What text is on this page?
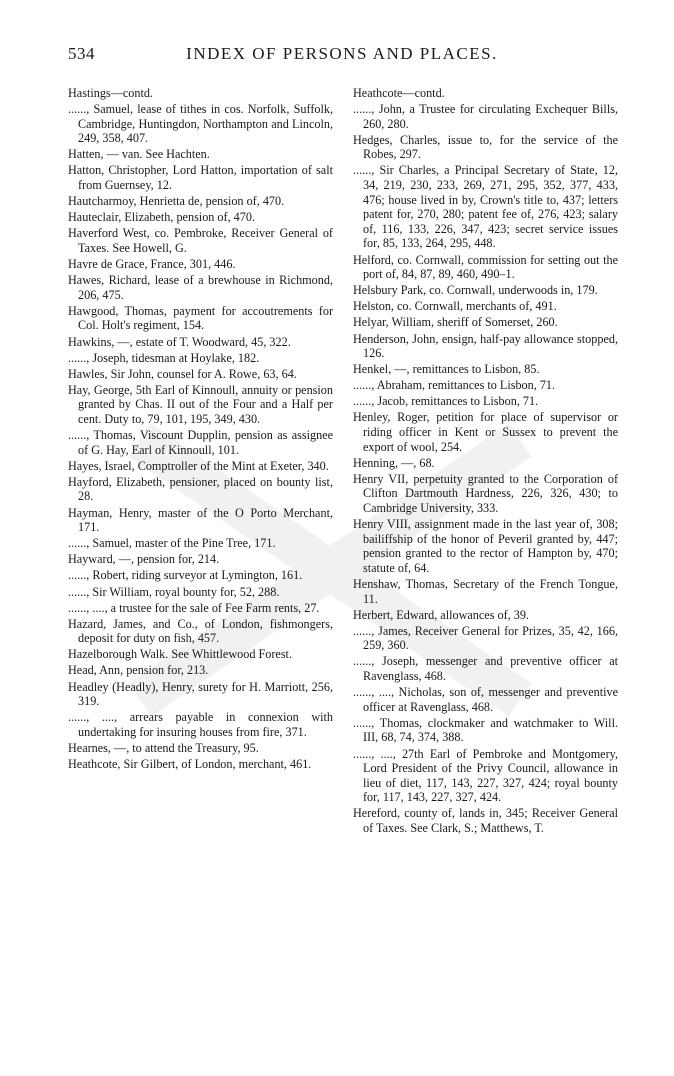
534	INDEX OF PERSONS AND PLACES.

Hastings—contd.

......, Samuel, lease of tithes in cos. Norfolk, Suffolk, Cambridge, Huntingdon, Northampton and Lincoln, 249, 358, 407.

Hatten, — van. See Hachten.

Hatton, Christopher, Lord Hatton, importation of salt from Guernsey, 12.

Hautcharmoy, Henrietta de, pension of, 470.

Hauteclair, Elizabeth, pension of, 470.

Haverford West, co. Pembroke, Receiver General of Taxes. See Howell, G.

Havre de Grace, France, 301, 446.

Hawes, Richard, lease of a brewhouse in Richmond, 206, 475.

Hawgood, Thomas, payment for accoutrements for Col. Holt's regiment, 154.

Hawkins, —, estate of T. Woodward, 45, 322.

......, Joseph, tidesman at Hoylake, 182.

Hawles, Sir John, counsel for A. Rowe, 63, 64.

Hay, George, 5th Earl of Kinnoull, annuity or pension granted by Chas. II out of the Four and a Half per cent. Duty to, 79, 101, 195, 349, 430.

......, Thomas, Viscount Dupplin, pension as assignee of G. Hay, Earl of Kinnoull, 101.

Hayes, Israel, Comptroller of the Mint at Exeter, 340.

Hayford, Elizabeth, pensioner, placed on bounty list, 28.

Hayman, Henry, master of the O Porto Merchant, 171.

......, Samuel, master of the Pine Tree, 171.

Hayward, —, pension for, 214.

......, Robert, riding surveyor at Lymington, 161.

......, Sir William, royal bounty for, 52, 288.

......, ...., a trustee for the sale of Fee Farm rents, 27.

Hazard, James, and Co., of London, fishmongers, deposit for duty on fish, 457.

Hazelborough Walk. See Whittlewood Forest.

Head, Ann, pension for, 213.

Headley (Headly), Henry, surety for H. Marriott, 256, 319.

......, ...., arrears payable in connexion with undertaking for insuring houses from fire, 371.

Hearnes, —, to attend the Treasury, 95.

Heathcote, Sir Gilbert, of London, merchant, 461.

Heathcote—contd.

......, John, a Trustee for circulating Exchequer Bills, 260, 280.

Hedges, Charles, issue to, for the service of the Robes, 297.

......, Sir Charles, a Principal Secretary of State, 12, 34, 219, 230, 233, 269, 271, 295, 352, 377, 433, 476; house lived in by, Crown's title to, 437; letters patent for, 270, 280; patent fee of, 276, 423; salary of, 116, 133, 226, 347, 423; secret service issues for, 85, 133, 264, 295, 448.

Helford, co. Cornwall, commission for setting out the port of, 84, 87, 89, 460, 490–1.

Helsbury Park, co. Cornwall, underwoods in, 179.

Helston, co. Cornwall, merchants of, 491.

Helyar, William, sheriff of Somerset, 260.

Henderson, John, ensign, half-pay allowance stopped, 126.

Henkel, —, remittances to Lisbon, 85.

......, Abraham, remittances to Lisbon, 71.

......, Jacob, remittances to Lisbon, 71.

Henley, Roger, petition for place of supervisor or riding officer in Kent or Sussex to prevent the export of wool, 254.

Henning, —, 68.

Henry VII, perpetuity granted to the Corporation of Clifton Dartmouth Hardness, 226, 326, 430; to Cambridge University, 333.

Henry VIII, assignment made in the last year of, 308; bailiffship of the honor of Peveril granted by, 447; pension granted to the rector of Hampton by, 470; statute of, 64.

Henshaw, Thomas, Secretary of the French Tongue, 11.

Herbert, Edward, allowances of, 39.

......, James, Receiver General for Prizes, 35, 42, 166, 259, 360.

......, Joseph, messenger and preventive officer at Ravenglass, 468.

......, ...., Nicholas, son of, messenger and preventive officer at Ravenglass, 468.

......, Thomas, clockmaker and watchmaker to Will. III, 68, 74, 374, 388.

......, ...., 27th Earl of Pembroke and Montgomery, Lord President of the Privy Council, allowance in lieu of diet, 117, 143, 227, 327, 424; royal bounty for, 117, 143, 227, 327, 424.

Hereford, county of, lands in, 345; Receiver General of Taxes. See Clark, S.; Matthews, T.
